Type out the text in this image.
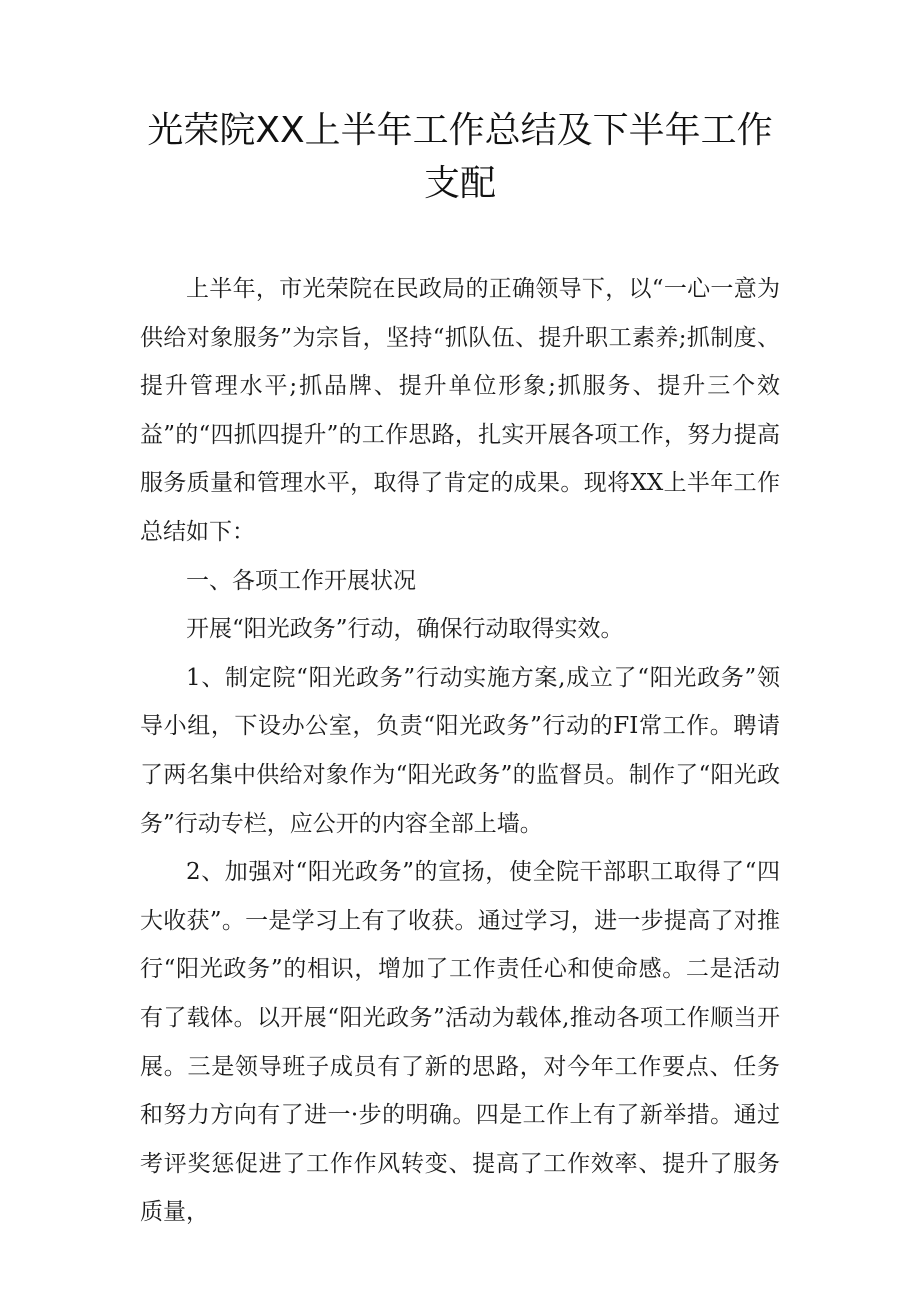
光荣院XX上半年工作总结及下半年工作支配

上半年，市光荣院在民政局的正确领导下，以“一心一意为供给对象服务”为宗旨，坚持“抓队伍、提升职工素养;抓制度、提升管理水平;抓品牌、提升单位形象;抓服务、提升三个效益”的“四抓四提升”的工作思路，扎实开展各项工作，努力提高服务质量和管理水平，取得了肯定的成果。现将XX上半年工作总结如下：

一、各项工作开展状况

开展“阳光政务”行动，确保行动取得实效。

1、制定院“阳光政务”行动实施方案,成立了“阳光政务”领导小组，下设办公室，负责“阳光政务”行动的FI常工作。聘请了两名集中供给对象作为“阳光政务”的监督员。制作了“阳光政务”行动专栏，应公开的内容全部上墙。

2、加强对“阳光政务”的宣扬，使全院干部职工取得了“四大收获”。一是学习上有了收获。通过学习，进一步提高了对推行“阳光政务”的相识，增加了工作责任心和使命感。二是活动有了载体。以开展“阳光政务”活动为载体,推动各项工作顺当开展。三是领导班子成员有了新的思路，对今年工作要点、任务和努力方向有了进一·步的明确。四是工作上有了新举措。通过考评奖惩促进了工作作风转变、提高了工作效率、提升了服务质量，
